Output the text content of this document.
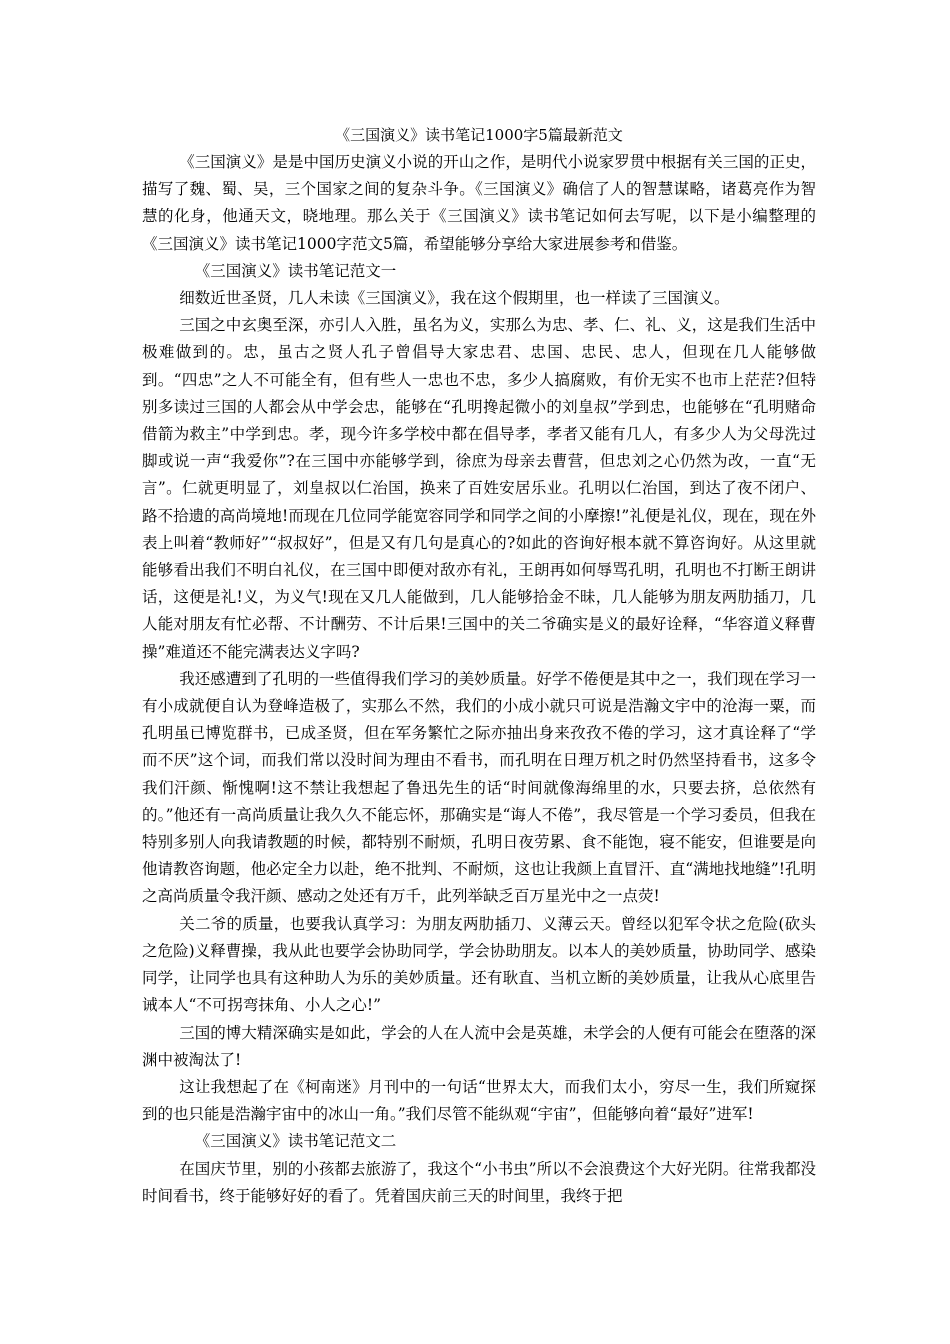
《三国演义》读书笔记1000字5篇最新范文

《三国演义》是是中国历史演义小说的开山之作，是明代小说家罗贯中根据有关三国的正史，描写了魏、蜀、吴，三个国家之间的复杂斗争。《三国演义》确信了人的智慧谋略，诸葛亮作为智慧的化身，他通天文，晓地理。那么关于《三国演义》读书笔记如何去写呢，以下是小编整理的《三国演义》读书笔记1000字范文5篇，希望能够分享给大家进展参考和借鉴。

《三国演义》读书笔记范文一

细数近世圣贤，几人未读《三国演义》，我在这个假期里，也一样读了三国演义。

三国之中玄奥至深，亦引人入胜，虽名为义，实那么为忠、孝、仁、礼、义，这是我们生活中极难做到的。忠，虽古之贤人孔子曾倡导大家忠君、忠国、忠民、忠人，但现在几人能够做到。“四忠”之人不可能全有，但有些人一忠也不忠，多少人搞腐败，有价无实不也市上茫茫?但特别多读过三国的人都会从中学会忠，能够在“孔明搀起微小的刘皇叔”学到忠，也能够在“孔明赌命借箭为救主”中学到忠。孝，现今许多学校中都在倡导孝，孝者又能有几人，有多少人为父母洗过脚或说一声“我爱你”?在三国中亦能够学到，徐庶为母亲去曹营，但忠刘之心仍然为改，一直“无言”。仁就更明显了，刘皇叔以仁治国，换来了百姓安居乐业。孔明以仁治国，到达了夜不闭户、路不拾遗的高尚境地!而现在几位同学能宽容同学和同学之间的小摩擦!”礼便是礼仪，现在，现在外表上叫着“教师好”“叔叔好”，但是又有几句是真心的?如此的咨询好根本就不算咨询好。从这里就能够看出我们不明白礼仪，在三国中即便对敌亦有礼，王朗再如何辱骂孔明，孔明也不打断王朗讲话，这便是礼!义，为义气!现在又几人能做到，几人能够拾金不昧，几人能够为朋友两肋插刀，几人能对朋友有忙必帮、不计酬劳、不计后果!三国中的关二爷确实是义的最好诠释，“华容道义释曹操”难道还不能完满表达义字吗?

我还感遭到了孔明的一些值得我们学习的美妙质量。好学不倦便是其中之一，我们现在学习一有小成就便自认为登峰造极了，实那么不然，我们的小成小就只可说是浩瀚文宇中的沧海一粟，而孔明虽已博览群书，已成圣贤，但在军务繁忙之际亦抽出身来孜孜不倦的学习，这才真诠释了“学而不厌”这个词，而我们常以没时间为理由不看书，而孔明在日理万机之时仍然坚持看书，这多令我们汗颜、惭愧啊!这不禁让我想起了鲁迅先生的话“时间就像海绵里的水，只要去挤，总依然有的。”他还有一高尚质量让我久久不能忘怀，那确实是“诲人不倦”，我尽管是一个学习委员，但我在特别多别人向我请教题的时候，都特别不耐烦，孔明日夜劳累、食不能饱，寝不能安，但谁要是向他请教咨询题，他必定全力以赴，绝不批判、不耐烦，这也让我颜上直冒汗、直“满地找地缝”!孔明之高尚质量令我汗颜、感动之处还有万千，此列举缺乏百万星光中之一点荧!

关二爷的质量，也要我认真学习：为朋友两肋插刀、义薄云天。曾经以犯军令状之危险(砍头之危险)义释曹操，我从此也要学会协助同学，学会协助朋友。以本人的美妙质量，协助同学、感染同学，让同学也具有这种助人为乐的美妙质量。还有耿直、当机立断的美妙质量，让我从心底里告诫本人“不可拐弯抹角、小人之心!”

三国的博大精深确实是如此，学会的人在人流中会是英雄，未学会的人便有可能会在堕落的深渊中被淘汰了!

这让我想起了在《柯南迷》月刊中的一句话“世界太大，而我们太小，穷尽一生，我们所窥探到的也只能是浩瀚宇宙中的冰山一角。”我们尽管不能纵观“宇宙”，但能够向着“最好”进军!

《三国演义》读书笔记范文二

在国庆节里，别的小孩都去旅游了，我这个“小书虫”所以不会浪费这个大好光阴。往常我都没时间看书，终于能够好好的看了。凭着国庆前三天的时间里，我终于把
